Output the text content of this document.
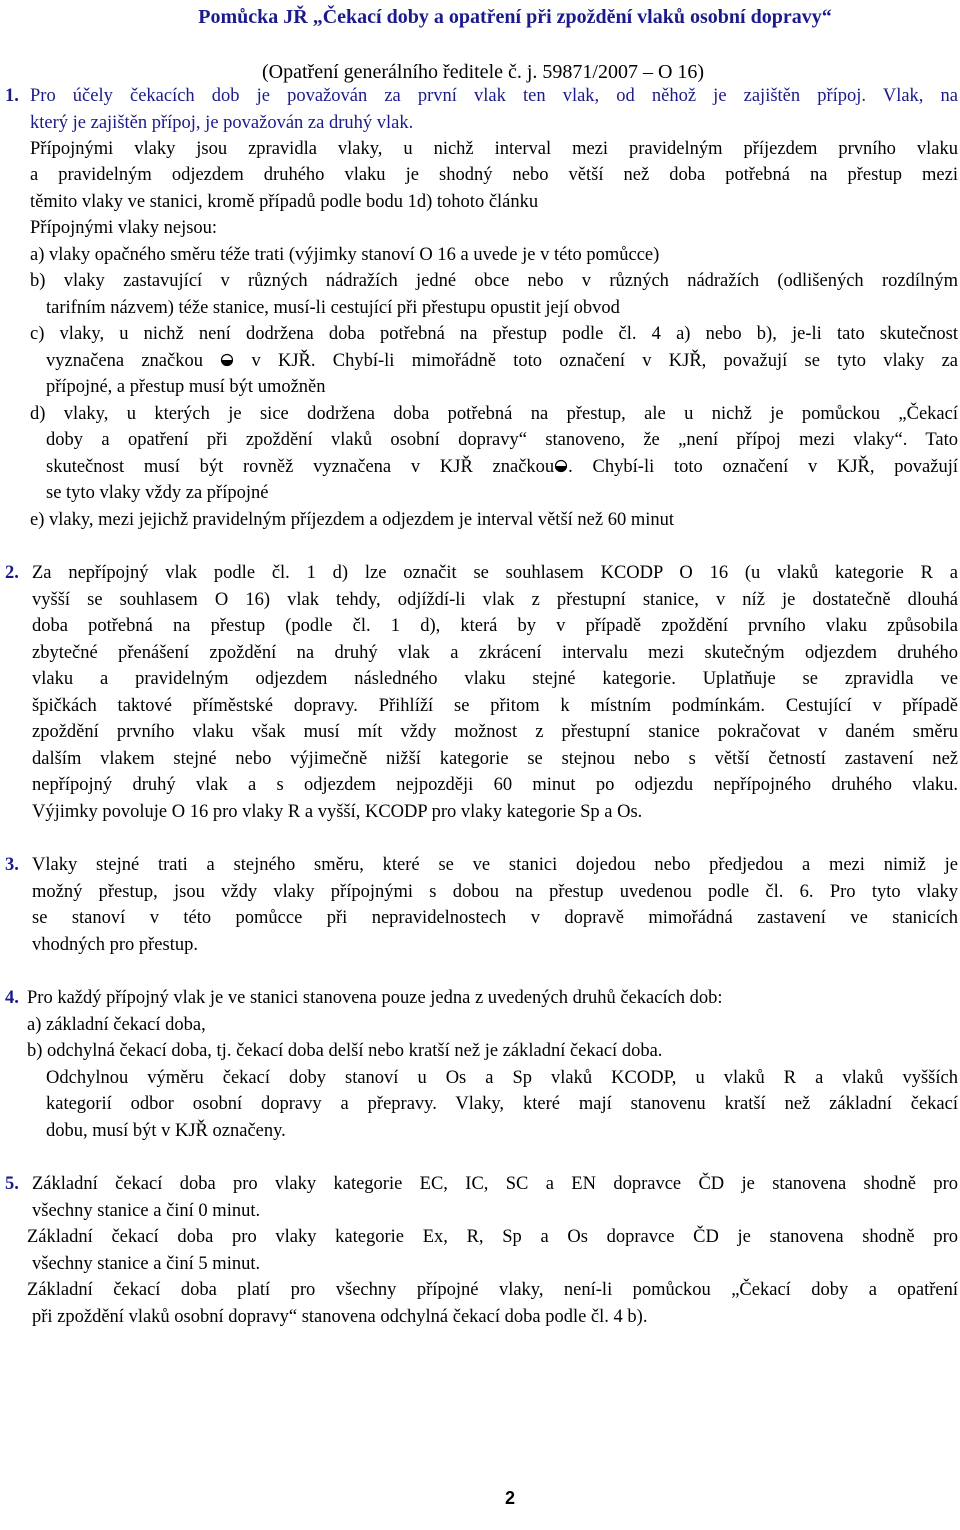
Pomůcka JŘ „Čekací doby a opatření při zpoždění vlaků osobní dopravy“
(Opatření generálního ředitele č. j. 59871/2007 – O 16)
1. Pro účely čekacích dob je považován za první vlak ten vlak, od něhož je zajištěn přípoj. Vlak, na
který je zajištěn přípoj, je považován za druhý vlak.
Přípojnými vlaky jsou zpravidla vlaky, u nichž interval mezi pravidelným příjezdem prvního vlaku
a pravidelným odjezdem druhého vlaku je shodný nebo větší než doba potřebná na přestup mezi
těmito vlaky ve stanici, kromě případů podle bodu 1d) tohoto článku
Přípojnými vlaky nejsou:
a) vlaky opačného směru téže trati (výjimky stanoví O 16 a uvede je v této pomůcce)
b) vlaky zastavující v různých nádražích jedné obce nebo v různých nádražích (odlišených rozdílným
tarifním názvem) téže stanice, musí-li cestující při přestupu opustit její obvod
c) vlaky, u nichž není dodržena doba potřebná na přestup podle čl. 4 a) nebo b), je-li tato skutečnost
vyznačena značkou	v KJŘ. Chybí-li mimořádně toto označení v KJŘ, považují se tyto vlaky za
přípojné, a přestup musí být umožněn
d) vlaky, u kterých je sice dodržena doba potřebná na přestup, ale u nichž je pomůckou „Čekací
doby a opatření při zpoždění vlaků osobní dopravy“ stanoveno, že „není přípoj mezi vlaky“. Tato
skutečnost musí být rovněž vyznačena v KJŘ značkou . Chybí-li toto označení v KJŘ, považují
se tyto vlaky vždy za přípojné
e) vlaky, mezi jejichž pravidelným příjezdem a odjezdem je interval větší než 60 minut
2. Za nepřípojný vlak podle čl. 1 d) lze označit se souhlasem KCODP O 16 (u vlaků kategorie R a
vyšší se souhlasem O 16) vlak tehdy, odjíždí-li vlak z přestupní stanice, v níž je dostatečně dlouhá
doba potřebná na přestup (podle čl. 1 d), která by v případě zpoždění prvního vlaku způsobila
zbytečné přenášení zpoždění na druhý vlak a zkrácení intervalu mezi skutečným odjezdem druhého
vlaku a pravidelným odjezdem následného vlaku stejné kategorie. Uplatňuje se zpravidla ve
špičkách taktové příměstské dopravy. Přihlíží se přitom k místním podmínkám. Cestující v případě
zpoždění prvního vlaku však musí mít vždy možnost z přestupní stanice pokračovat v daném směru
dalším vlakem stejné nebo výjimečně nižší kategorie se stejnou nebo s větší četností zastavení než
nepřípojný druhý vlak a s odjezdem nejpozději 60 minut po odjezdu nepřípojného druhého vlaku.
Výjimky povoluje O 16 pro vlaky R a vyšší, KCODP pro vlaky kategorie Sp a Os.
3. Vlaky stejné trati a stejného směru, které se ve stanici dojedou nebo předjedou a mezi nimiž je
možný přestup, jsou vždy vlaky přípojnými s dobou na přestup uvedenou podle čl. 6. Pro tyto vlaky
se stanoví v této pomůcce při nepravidelnostech v dopravě mimořádná zastavení ve stanicích
vhodných pro přestup.
4. Pro každý přípojný vlak je ve stanici stanovena pouze jedna z uvedených druhů čekacích dob:
a) základní čekací doba,
b) odchylná čekací doba, tj. čekací doba delší nebo kratší než je základní čekací doba.
Odchylnou výměru čekací doby stanoví u Os a Sp vlaků KCODP, u vlaků R a vlaků vyšších
kategorií odbor osobní dopravy a přepravy. Vlaky, které mají stanovenu kratší než základní čekací
dobu, musí být v KJŘ označeny.
5. Základní čekací doba pro vlaky kategorie EC, IC, SC a EN dopravce ČD je stanovena shodně pro
všechny stanice a činí 0 minut.
Základní čekací doba pro vlaky kategorie Ex, R, Sp a Os dopravce ČD je stanovena shodně pro
všechny stanice a činí 5 minut.
Základní čekací doba platí pro všechny přípojné vlaky, není-li pomůckou „Čekací doby a opatření
při zpoždění vlaků osobní dopravy“ stanovena odchylná čekací doba podle čl. 4 b).
2
